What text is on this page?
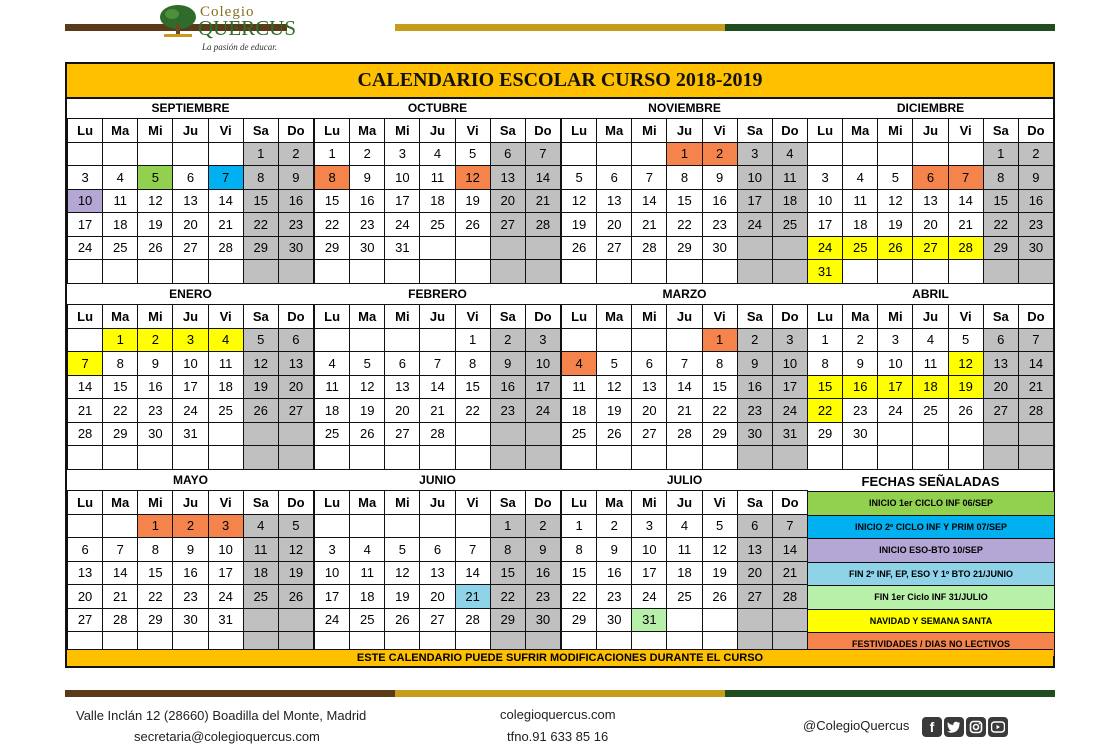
Colegio
QUERCUS
La pasión de educar.
CALENDARIO ESCOLAR CURSO 2018-2019
SEPTIEMBRE
Lu	Ma	Mi	Ju	Vi	Sa	Do
					1	2
3	4	5	6	7	8	9
10	11	12	13	14	15	16
17	18	19	20	21	22	23
24	25	26	27	28	29	30

OCTUBRE
Lu	Ma	Mi	Ju	Vi	Sa	Do
1	2	3	4	5	6	7
8	9	10	11	12	13	14
15	16	17	18	19	20	21
22	23	24	25	26	27	28
29	30	31				

NOVIEMBRE
Lu	Ma	Mi	Ju	Vi	Sa	Do
			1	2	3	4
5	6	7	8	9	10	11
12	13	14	15	16	17	18
19	20	21	22	23	24	25
26	27	28	29	30		

DICIEMBRE
Lu	Ma	Mi	Ju	Vi	Sa	Do
					1	2
3	4	5	6	7	8	9
10	11	12	13	14	15	16
17	18	19	20	21	22	23
24	25	26	27	28	29	30
31						
ENERO
Lu	Ma	Mi	Ju	Vi	Sa	Do
	1	2	3	4	5	6
7	8	9	10	11	12	13
14	15	16	17	18	19	20
21	22	23	24	25	26	27
28	29	30	31			

FEBRERO
Lu	Ma	Mi	Ju	Vi	Sa	Do
				1	2	3
4	5	6	7	8	9	10
11	12	13	14	15	16	17
18	19	20	21	22	23	24
25	26	27	28			

MARZO
Lu	Ma	Mi	Ju	Vi	Sa	Do
				1	2	3
4	5	6	7	8	9	10
11	12	13	14	15	16	17
18	19	20	21	22	23	24
25	26	27	28	29	30	31

ABRIL
Lu	Ma	Mi	Ju	Vi	Sa	Do
1	2	3	4	5	6	7
8	9	10	11	12	13	14
15	16	17	18	19	20	21
22	23	24	25	26	27	28
29	30					

MAYO
Lu	Ma	Mi	Ju	Vi	Sa	Do
		1	2	3	4	5
6	7	8	9	10	11	12
13	14	15	16	17	18	19
20	21	22	23	24	25	26
27	28	29	30	31		

JUNIO
Lu	Ma	Mi	Ju	Vi	Sa	Do
					1	2
3	4	5	6	7	8	9
10	11	12	13	14	15	16
17	18	19	20	21	22	23
24	25	26	27	28	29	30

JULIO
Lu	Ma	Mi	Ju	Vi	Sa	Do
1	2	3	4	5	6	7
8	9	10	11	12	13	14
15	16	17	18	19	20	21
22	23	24	25	26	27	28
29	30	31				

FECHAS SEÑALADAS
INICIO 1er CICLO INF 06/SEP
INICIO 2º CICLO INF Y PRIM 07/SEP
INICIO ESO-BTO 10/SEP
FIN 2º INF, EP, ESO Y 1º BTO 21/JUNIO
FIN 1er Ciclo INF 31/JULIO
NAVIDAD Y SEMANA SANTA
FESTIVIDADES / DIAS NO LECTIVOS
ESTE CALENDARIO PUEDE SUFRIR MODIFICACIONES DURANTE EL CURSO
Valle Inclán 12 (28660) Boadilla del Monte, Madrid
secretaria@colegioquercus.com
colegioquercus.com
tfno.91 633 85 16
@ColegioQuercus	f
